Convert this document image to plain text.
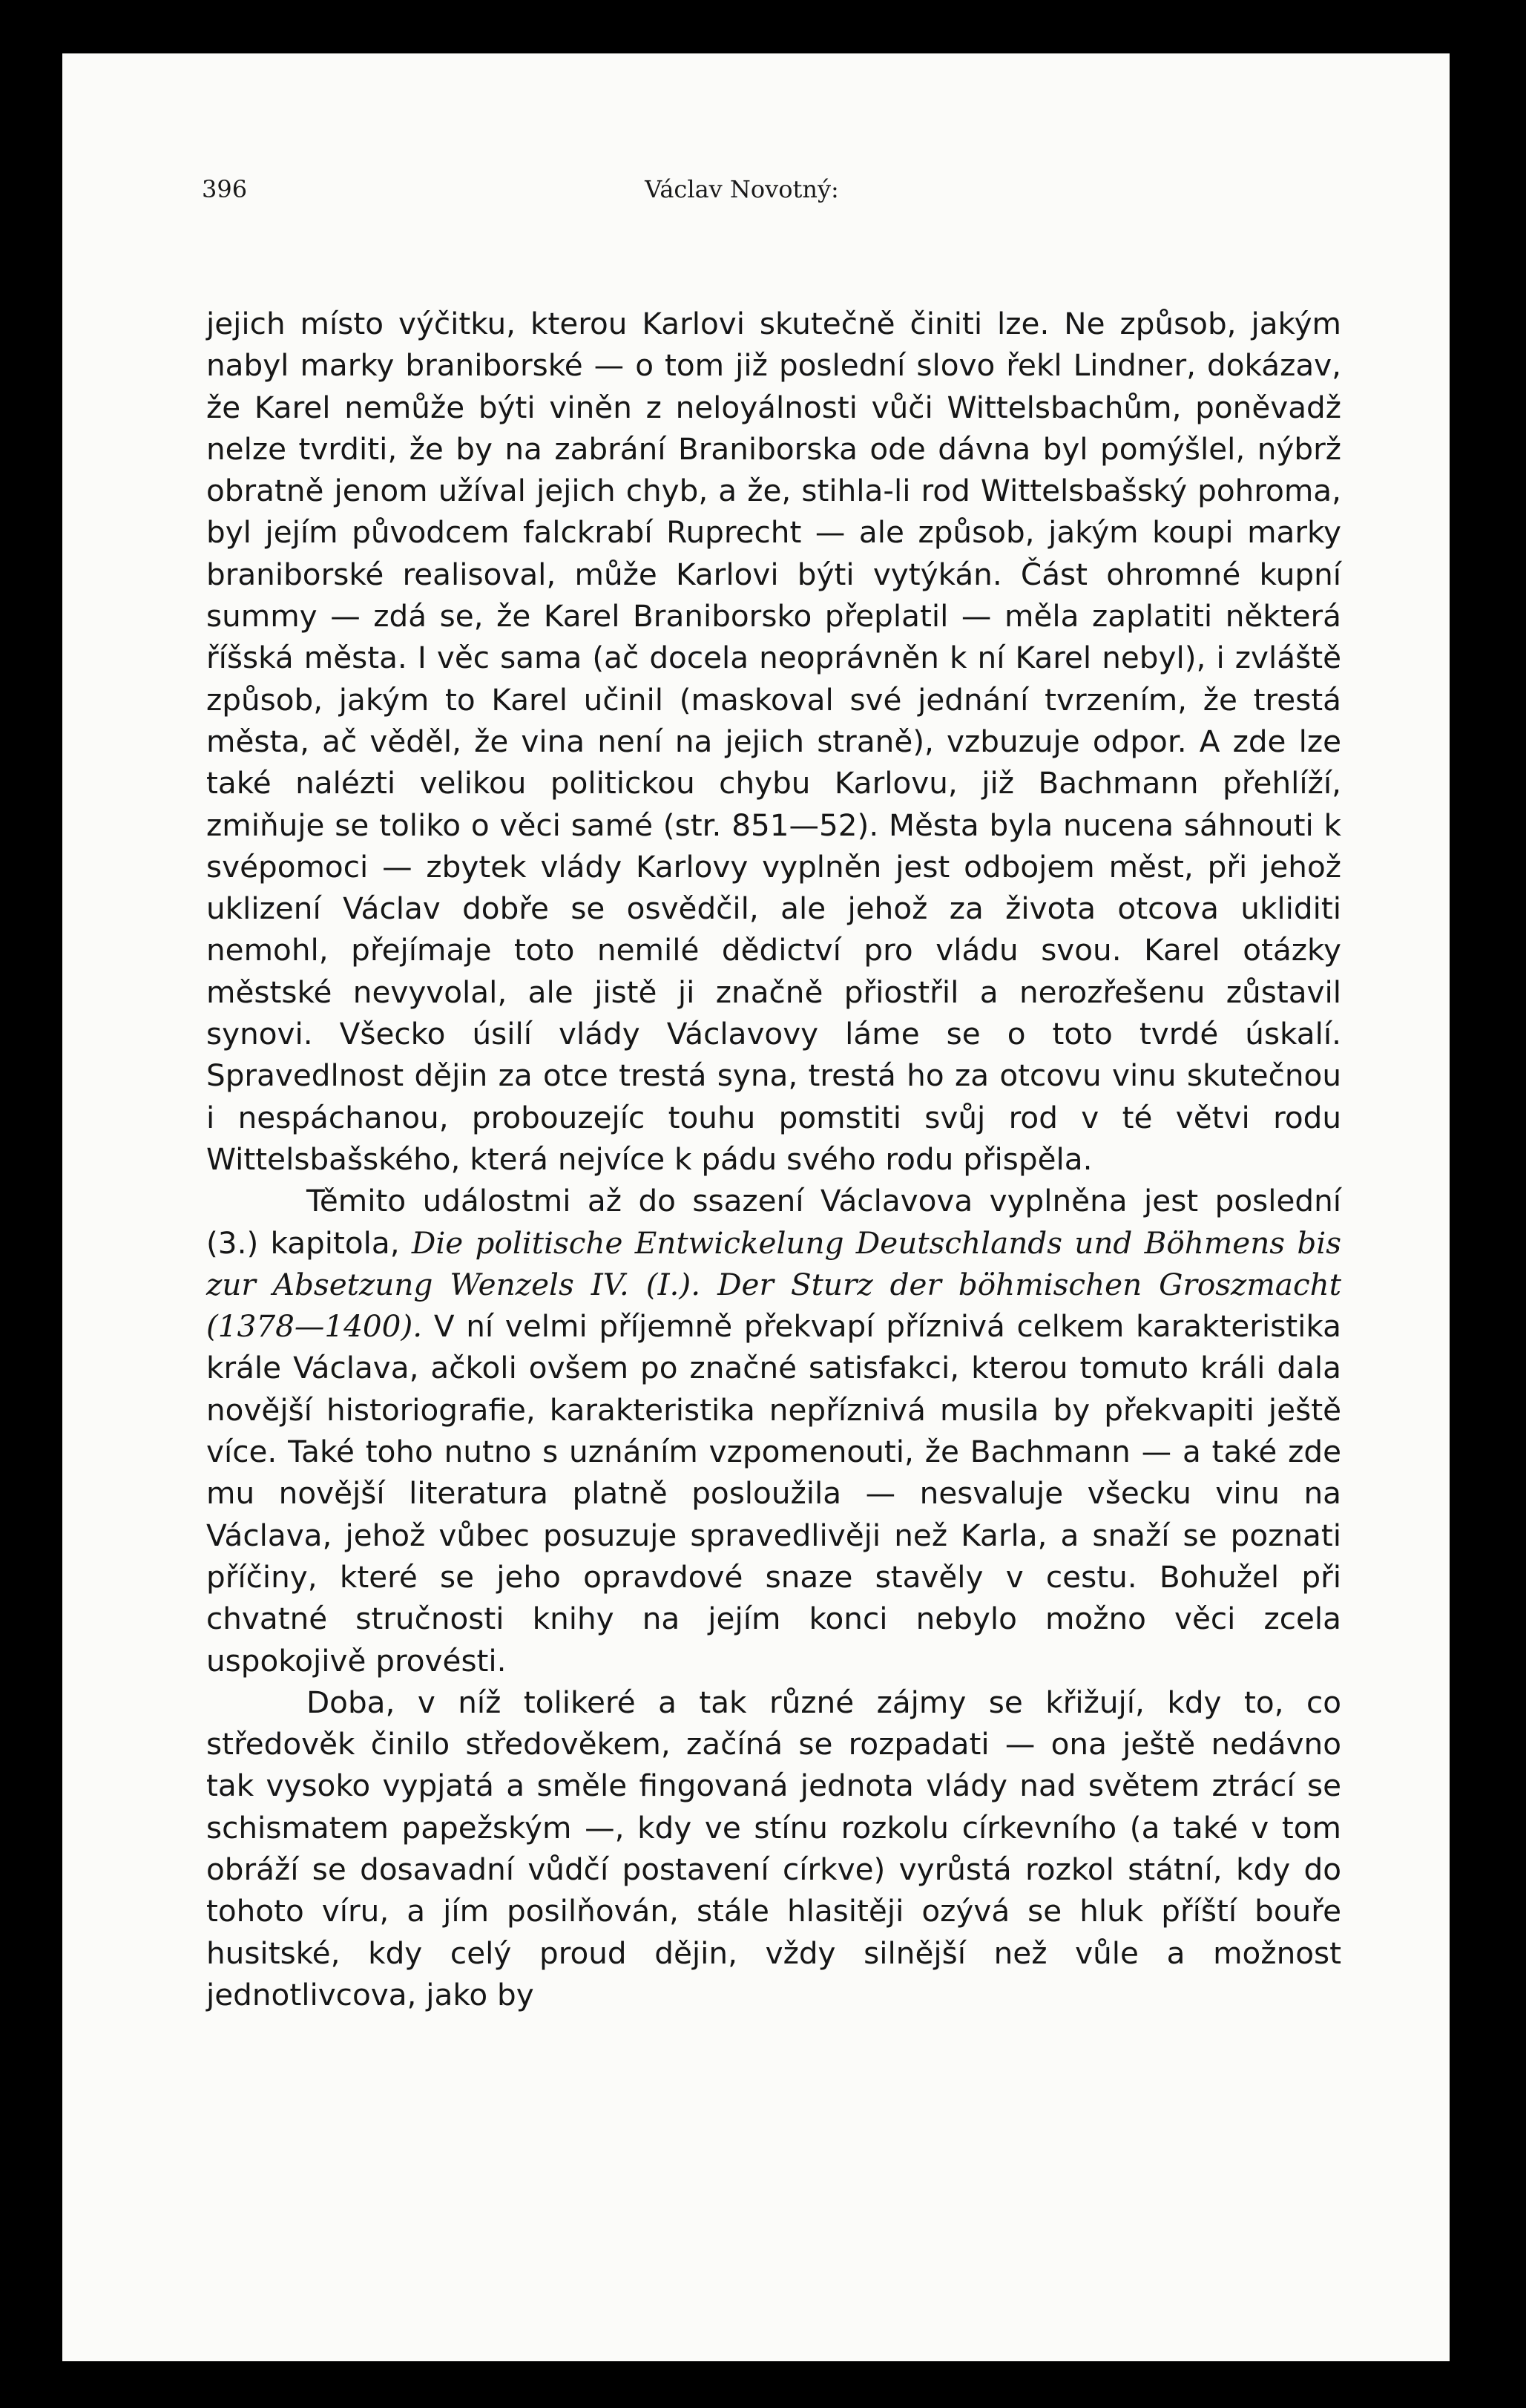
396	Václav Novotný:

jejich místo výčitku, kterou Karlovi skutečně činiti lze. Ne způsob, jakým nabyl marky braniborské — o tom již poslední slovo řekl Lindner, dokázav, že Karel nemůže býti viněn z neloyálnosti vůči Wittelsbachům, poněvadž nelze tvrditi, že by na zabrání Braniborska ode dávna byl pomýšlel, nýbrž obratně jenom užíval jejich chyb, a že, stihla-li rod Wittelsbašský pohroma, byl jejím původcem falckrabí Ruprecht — ale způsob, jakým koupi marky braniborské realisoval, může Karlovi býti vytýkán. Část ohromné kupní summy — zdá se, že Karel Braniborsko přeplatil — měla zaplatiti některá říšská města. I věc sama (ač docela neoprávněn k ní Karel nebyl), i zvláště způsob, jakým to Karel učinil (maskoval své jednání tvrzením, že trestá města, ač věděl, že vina není na jejich straně), vzbuzuje odpor. A zde lze také nalézti velikou politickou chybu Karlovu, již Bachmann přehlíží, zmiňuje se toliko o věci samé (str. 851—52). Města byla nucena sáhnouti k svépomoci — zbytek vlády Karlovy vyplněn jest odbojem měst, při jehož uklizení Václav dobře se osvědčil, ale jehož za života otcova ukliditi nemohl, přejímaje toto nemilé dědictví pro vládu svou. Karel otázky městské nevyvolal, ale jistě ji značně přiostřil a nerozřešenu zůstavil synovi. Všecko úsilí vlády Václavovy láme se o toto tvrdé úskalí. Spravedlnost dějin za otce trestá syna, trestá ho za otcovu vinu skutečnou i nespáchanou, probouzejíc touhu pomstiti svůj rod v té větvi rodu Wittelsbašského, která nejvíce k pádu svého rodu přispěla.

Těmito událostmi až do ssazení Václavova vyplněna jest poslední (3.) kapitola, Die politische Entwickelung Deutschlands und Böhmens bis zur Absetzung Wenzels IV. (I.). Der Sturz der böhmischen Groszmacht (1378—1400). V ní velmi příjemně překvapí příznivá celkem karakteristika krále Václava, ačkoli ovšem po značné satisfakci, kterou tomuto králi dala novější historiografie, karakteristika nepříznivá musila by překvapiti ještě více. Také toho nutno s uznáním vzpomenouti, že Bachmann — a také zde mu novější literatura platně posloužila — nesvaluje všecku vinu na Václava, jehož vůbec posuzuje spravedlivěji než Karla, a snaží se poznati příčiny, které se jeho opravdové snaze stavěly v cestu. Bohužel při chvatné stručnosti knihy na jejím konci nebylo možno věci zcela uspokojivě provésti.

Doba, v níž tolikeré a tak různé zájmy se křižují, kdy to, co středověk činilo středověkem, začíná se rozpadati — ona ještě nedávno tak vysoko vypjatá a směle fingovaná jednota vlády nad světem ztrácí se schismatem papežským —, kdy ve stínu rozkolu církevního (a také v tom obráží se dosavadní vůdčí postavení církve) vyrůstá rozkol státní, kdy do tohoto víru, a jím posilňován, stále hlasitěji ozývá se hluk příští bouře husitské, kdy celý proud dějin, vždy silnější než vůle a možnost jednotlivcova, jako by
